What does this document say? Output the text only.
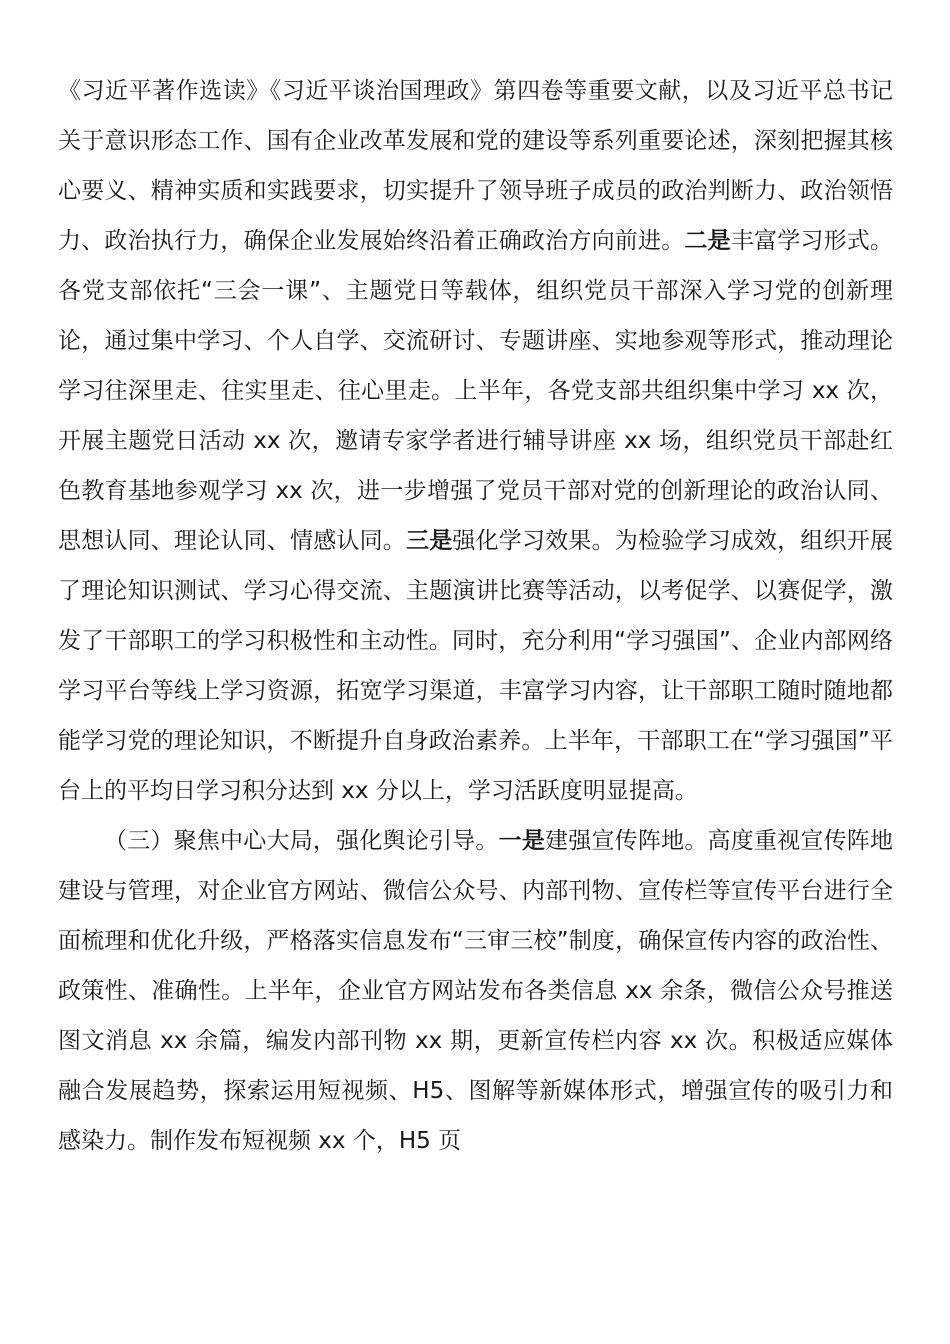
《习近平著作选读》《习近平谈治国理政》第四卷等重要文献，以及习近平总书记关于意识形态工作、国有企业改革发展和党的建设等系列重要论述，深刻把握其核心要义、精神实质和实践要求，切实提升了领导班子成员的政治判断力、政治领悟力、政治执行力，确保企业发展始终沿着正确政治方向前进。二是丰富学习形式。各党支部依托“三会一课”、主题党日等载体，组织党员干部深入学习党的创新理论，通过集中学习、个人自学、交流研讨、专题讲座、实地参观等形式，推动理论学习往深里走、往实里走、往心里走。上半年，各党支部共组织集中学习 xx 次，开展主题党日活动 xx 次，邀请专家学者进行辅导讲座 xx 场，组织党员干部赴红色教育基地参观学习 xx 次，进一步增强了党员干部对党的创新理论的政治认同、思想认同、理论认同、情感认同。三是强化学习效果。为检验学习成效，组织开展了理论知识测试、学习心得交流、主题演讲比赛等活动，以考促学、以赛促学，激发了干部职工的学习积极性和主动性。同时，充分利用“学习强国”、企业内部网络学习平台等线上学习资源，拓宽学习渠道，丰富学习内容，让干部职工随时随地都能学习党的理论知识，不断提升自身政治素养。上半年，干部职工在“学习强国”平台上的平均日学习积分达到 xx 分以上，学习活跃度明显提高。

（三）聚焦中心大局，强化舆论引导。一是建强宣传阵地。高度重视宣传阵地建设与管理，对企业官方网站、微信公众号、内部刊物、宣传栏等宣传平台进行全面梳理和优化升级，严格落实信息发布“三审三校”制度，确保宣传内容的政治性、政策性、准确性。上半年，企业官方网站发布各类信息 xx 余条，微信公众号推送图文消息 xx 余篇，编发内部刊物 xx 期，更新宣传栏内容 xx 次。积极适应媒体融合发展趋势，探索运用短视频、H5、图解等新媒体形式，增强宣传的吸引力和感染力。制作发布短视频 xx 个，H5 页
